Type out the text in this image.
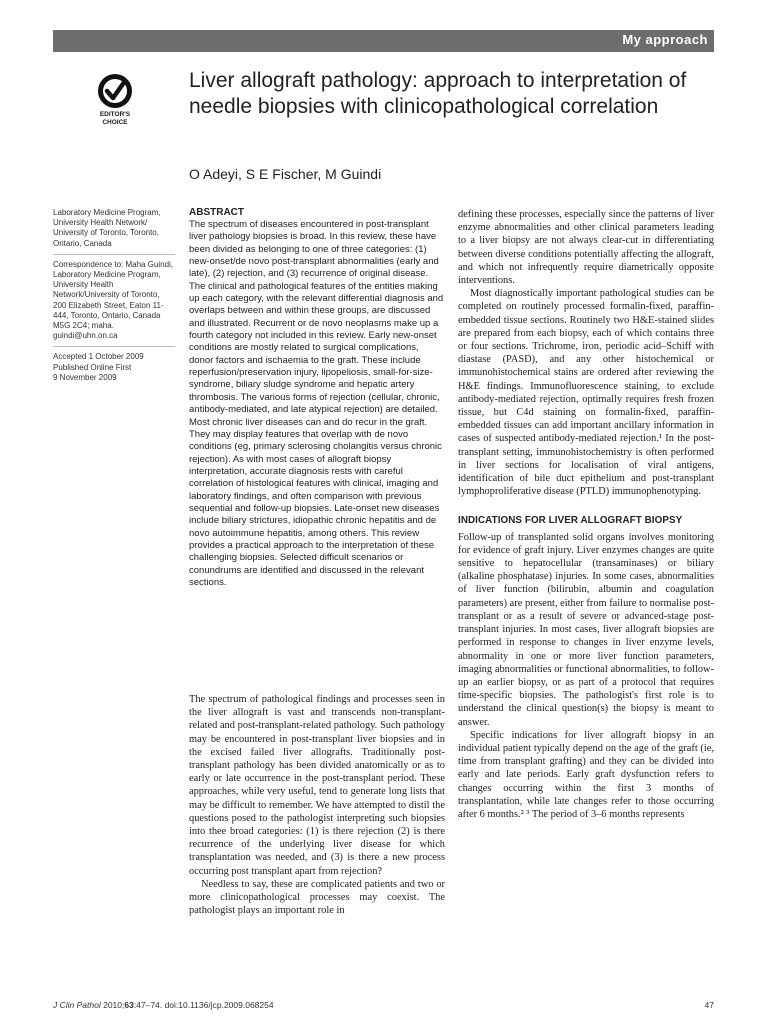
My approach
EDITOR'S
CHOICE
Liver allograft pathology: approach to interpretation of needle biopsies with clinicopathological correlation
O Adeyi, S E Fischer, M Guindi

Laboratory Medicine Program, University Health Network/ University of Toronto, Toronto, Ontario, Canada

Correspondence to: Maha Guindi, Laboratory Medicine Program, University Health Network/University of Toronto, 200 Elizabeth Street, Eaton 11-444, Toronto, Ontario, Canada M5G 2C4; maha. guindi@uhn.on.ca

Accepted 1 October 2009

Published Online First

9 November 2009

ABSTRACT

The spectrum of diseases encountered in post-transplant liver pathology biopsies is broad. In this review, these have been divided as belonging to one of three categories: (1) new-onset/de novo post-transplant abnormalities (early and late), (2) rejection, and (3) recurrence of original disease. The clinical and pathological features of the entities making up each category, with the relevant differential diagnosis and overlaps between and within these groups, are discussed and illustrated. Recurrent or de novo neoplasms make up a fourth category not included in this review. Early new-onset conditions are mostly related to surgical complications, donor factors and ischaemia to the graft. These include reperfusion/preservation injury, lipopeliosis, small-for-size-syndrome, biliary sludge syndrome and hepatic artery thrombosis. The various forms of rejection (cellular, chronic, antibody-mediated, and late atypical rejection) are detailed. Most chronic liver diseases can and do recur in the graft. They may display features that overlap with de novo conditions (eg, primary sclerosing cholangitis versus chronic rejection). As with most cases of allograft biopsy interpretation, accurate diagnosis rests with careful correlation of histological features with clinical, imaging and laboratory findings, and often comparison with previous sequential and follow-up biopsies. Late-onset new diseases include biliary strictures, idiopathic chronic hepatitis and de novo autoimmune hepatitis, among others. This review provides a practical approach to the interpretation of these challenging biopsies. Selected difficult scenarios or conundrums are identified and discussed in the relevant sections.

The spectrum of pathological findings and processes seen in the liver allograft is vast and transcends non-transplant-related and post-transplant-related pathology. Such pathology may be encountered in post-transplant liver biopsies and in the excised failed liver allografts. Traditionally post-transplant pathology has been divided anatomically or as to early or late occurrence in the post-transplant period. These approaches, while very useful, tend to generate long lists that may be difficult to remember. We have attempted to distil the questions posed to the pathologist interpreting such biopsies into thee broad categories: (1) is there rejection (2) is there recurrence of the underlying liver disease for which transplantation was needed, and (3) is there a new process occurring post transplant apart from rejection?

Needless to say, these are complicated patients and two or more clinicopathological processes may coexist. The pathologist plays an important role in

defining these processes, especially since the patterns of liver enzyme abnormalities and other clinical parameters leading to a liver biopsy are not always clear-cut in differentiating between diverse conditions potentially affecting the allograft, and which not infrequently require diametrically opposite interventions.

Most diagnostically important pathological studies can be completed on routinely processed formalin-fixed, paraffin-embedded tissue sections. Routinely two H&E-stained slides are prepared from each biopsy, each of which contains three or four sections. Trichrome, iron, periodic acid–Schiff with diastase (PASD), and any other histochemical or immunohistochemical stains are ordered after reviewing the H&E findings. Immunofluorescence staining, to exclude antibody-mediated rejection, optimally requires fresh frozen tissue, but C4d staining on formalin-fixed, paraffin-embedded tissues can add important ancillary information in cases of suspected antibody-mediated rejection.¹ In the post-transplant setting, immunohistochemistry is often performed in liver sections for localisation of viral antigens, identification of bile duct epithelium and post-transplant lymphoproliferative disease (PTLD) immunophenotyping.

INDICATIONS FOR LIVER ALLOGRAFT BIOPSY

Follow-up of transplanted solid organs involves monitoring for evidence of graft injury. Liver enzymes changes are quite sensitive to hepatocellular (transaminases) or biliary (alkaline phosphatase) injuries. In some cases, abnormalities of liver function (bilirubin, albumin and coagulation parameters) are present, either from failure to normalise post-transplant or as a result of severe or advanced-stage post-transplant injuries. In most cases, liver allograft biopsies are performed in response to changes in liver enzyme levels, abnormality in one or more liver function parameters, imaging abnormalities or functional abnormalities, to follow-up an earlier biopsy, or as part of a protocol that requires time-specific biopsies. The pathologist's first role is to understand the clinical question(s) the biopsy is meant to answer.

Specific indications for liver allograft biopsy in an individual patient typically depend on the age of the graft (ie, time from transplant grafting) and they can be divided into early and late periods. Early graft dysfunction refers to changes occurring within the first 3 months of transplantation, while late changes refer to those occurring after 6 months.² ³ The period of 3–6 months represents

J Clin Pathol 2010;63:47–74. doi:10.1136/jcp.2009.068254	47
